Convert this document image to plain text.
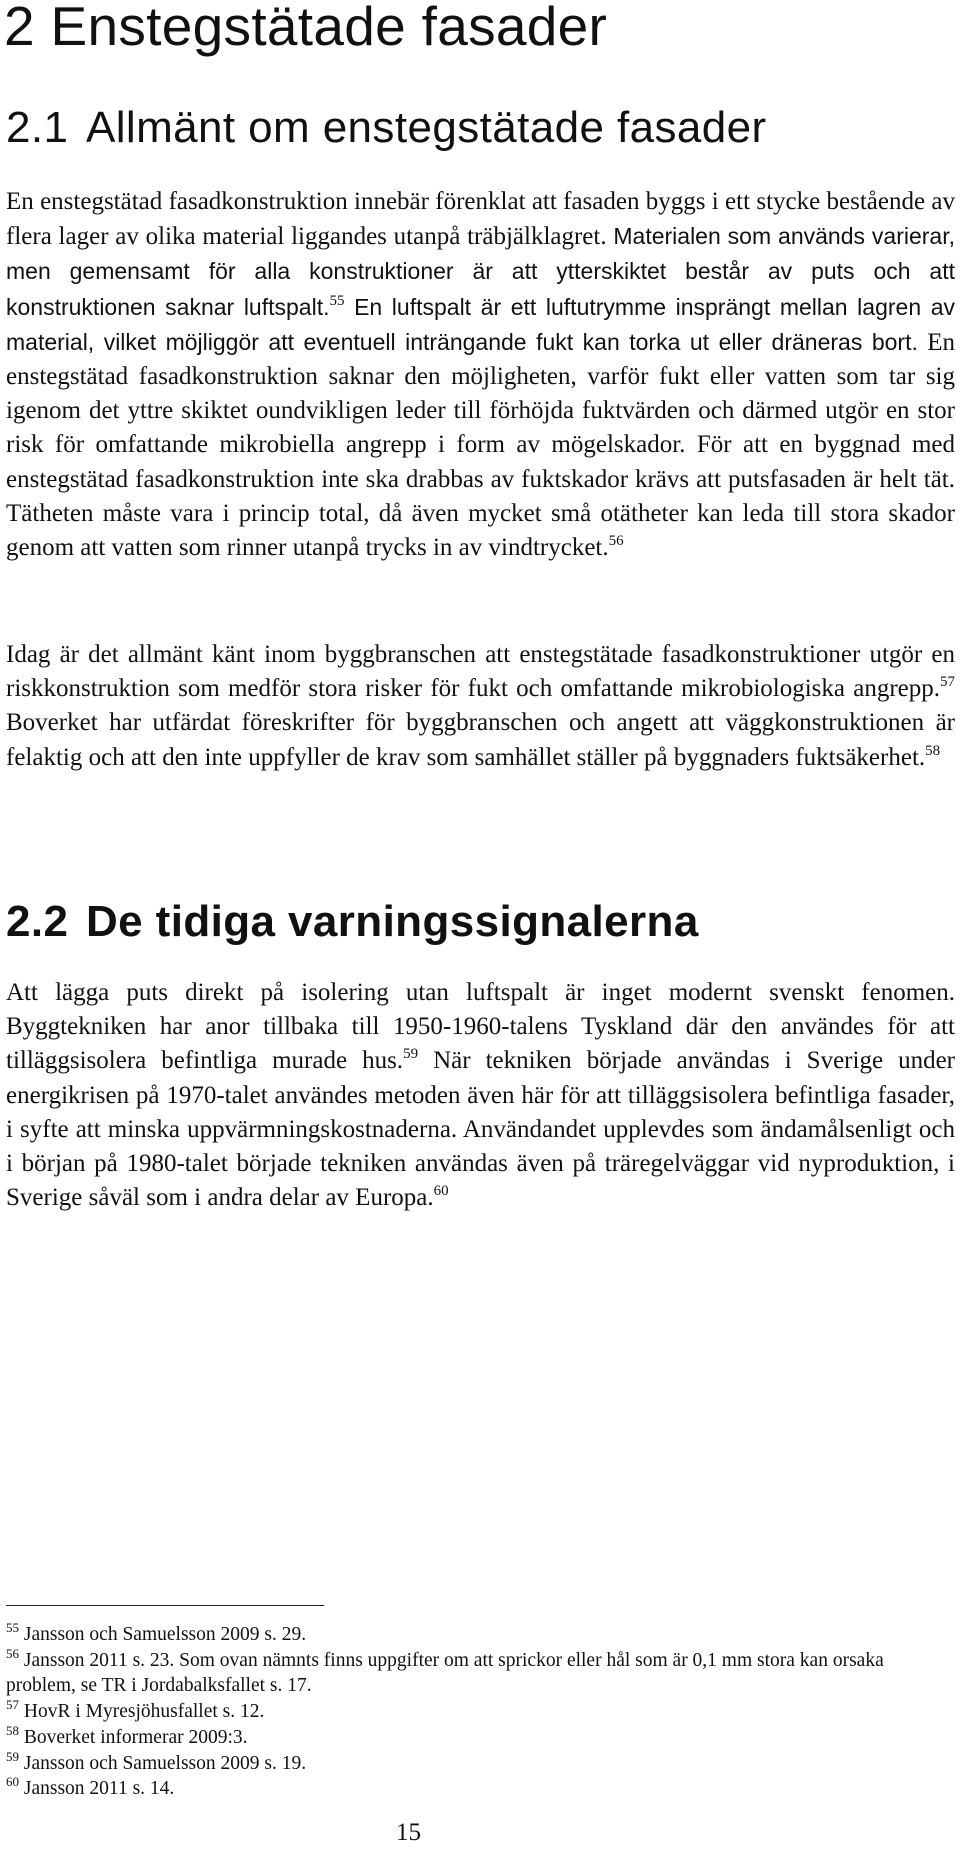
2 Enstegstätade fasader
2.1 Allmänt om enstegstätade fasader

En enstegstätad fasadkonstruktion innebär förenklat att fasaden byggs i ett stycke bestående av flera lager av olika material liggandes utanpå träbjälklagret. Materialen som används varierar, men gemensamt för alla konstruktioner är att ytterskiktet består av puts och att konstruktionen saknar luftspalt.$^{55}$ En luftspalt är ett luftutrymme insprängt mellan lagren av material, vilket möjliggör att eventuell inträngande fukt kan torka ut eller dräneras bort. En enstegstätad fasadkonstruktion saknar den möjligheten, varför fukt eller vatten som tar sig igenom det yttre skiktet oundvikligen leder till förhöjda fuktvärden och därmed utgör en stor risk för omfattande mikrobiella angrepp i form av mögelskador. För att en byggnad med enstegstätad fasadkonstruktion inte ska drabbas av fuktskador krävs att putsfasaden är helt tät. Tätheten måste vara i princip total, då även mycket små otätheter kan leda till stora skador genom att vatten som rinner utanpå trycks in av vindtrycket.$^{56}$

Idag är det allmänt känt inom byggbranschen att enstegstätade fasadkonstruktioner utgör en riskkonstruktion som medför stora risker för fukt och omfattande mikrobiologiska angrepp.$^{57}$ Boverket har utfärdat föreskrifter för byggbranschen och angett att väggkonstruktionen är felaktig och att den inte uppfyller de krav som samhället ställer på byggnaders fuktsäkerhet.$^{58}$

2.2 De tidiga varningssignalerna

Att lägga puts direkt på isolering utan luftspalt är inget modernt svenskt fenomen. Byggtekniken har anor tillbaka till 1950-1960-talens Tyskland där den användes för att tilläggsisolera befintliga murade hus.$^{59}$ När tekniken började användas i Sverige under energikrisen på 1970-talet användes metoden även här för att tilläggsisolera befintliga fasader, i syfte att minska uppvärmningskostnaderna. Användandet upplevdes som ändamålsenligt och i början på 1980-talet började tekniken användas även på träregelväggar vid nyproduktion, i Sverige såväl som i andra delar av Europa.$^{60}$

$^{55}$ Jansson och Samuelsson 2009 s. 29.

$^{56}$ Jansson 2011 s. 23. Som ovan nämnts finns uppgifter om att sprickor eller hål som är 0,1 mm stora kan orsaka problem, se TR i Jordabalksfallet s. 17.

$^{57}$ HovR i Myresjöhusfallet s. 12.

$^{58}$ Boverket informerar 2009:3.

$^{59}$ Jansson och Samuelsson 2009 s. 19.

$^{60}$ Jansson 2011 s. 14.

15
